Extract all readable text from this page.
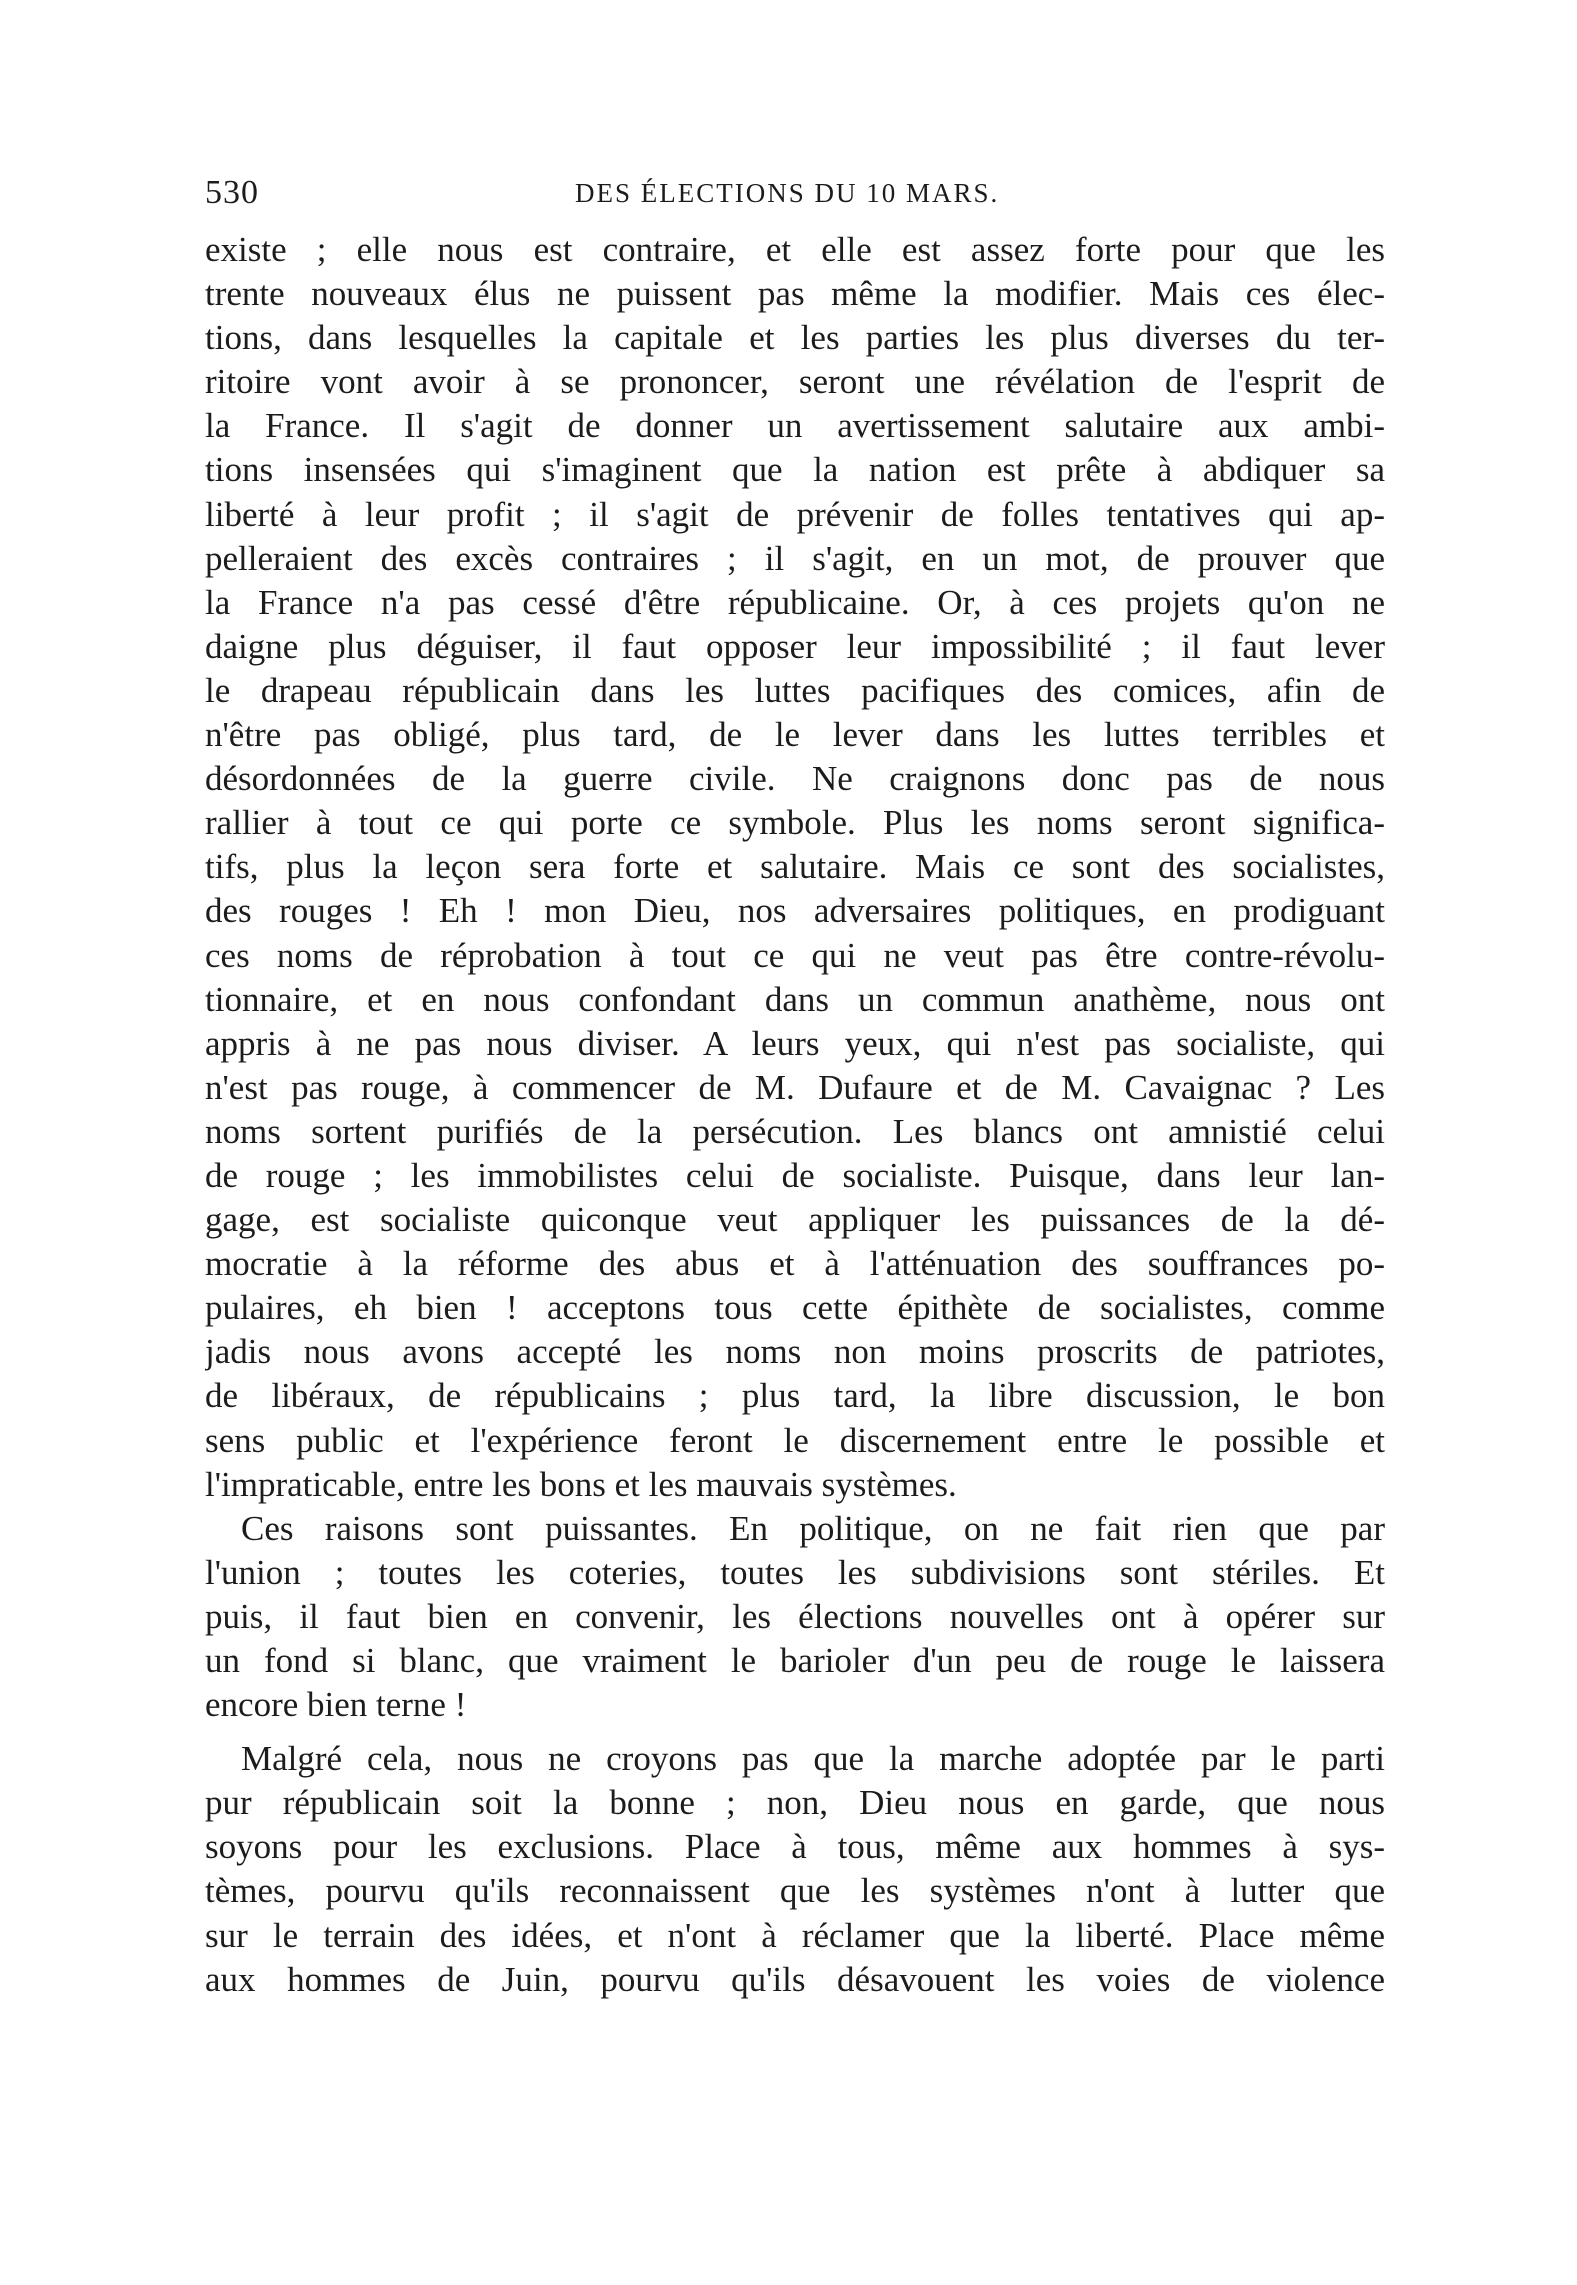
530	DES ÉLECTIONS DU 10 MARS.
existe ; elle nous est contraire, et elle est assez forte pour que les
trente nouveaux élus ne puissent pas même la modifier. Mais ces élec-
tions, dans lesquelles la capitale et les parties les plus diverses du ter-
ritoire vont avoir à se prononcer, seront une révélation de l'esprit de
la France. Il s'agit de donner un avertissement salutaire aux ambi-
tions insensées qui s'imaginent que la nation est prête à abdiquer sa
liberté à leur profit ; il s'agit de prévenir de folles tentatives qui ap-
pelleraient des excès contraires ; il s'agit, en un mot, de prouver que
la France n'a pas cessé d'être républicaine. Or, à ces projets qu'on ne
daigne plus déguiser, il faut opposer leur impossibilité ; il faut lever
le drapeau républicain dans les luttes pacifiques des comices, afin de
n'être pas obligé, plus tard, de le lever dans les luttes terribles et
désordonnées de la guerre civile. Ne craignons donc pas de nous
rallier à tout ce qui porte ce symbole. Plus les noms seront significa-
tifs, plus la leçon sera forte et salutaire. Mais ce sont des socialistes,
des rouges ! Eh ! mon Dieu, nos adversaires politiques, en prodiguant
ces noms de réprobation à tout ce qui ne veut pas être contre-révolu-
tionnaire, et en nous confondant dans un commun anathème, nous ont
appris à ne pas nous diviser. A leurs yeux, qui n'est pas socialiste, qui
n'est pas rouge, à commencer de M. Dufaure et de M. Cavaignac ? Les
noms sortent purifiés de la persécution. Les blancs ont amnistié celui
de rouge ; les immobilistes celui de socialiste. Puisque, dans leur lan-
gage, est socialiste quiconque veut appliquer les puissances de la dé-
mocratie à la réforme des abus et à l'atténuation des souffrances po-
pulaires, eh bien ! acceptons tous cette épithète de socialistes, comme
jadis nous avons accepté les noms non moins proscrits de patriotes,
de libéraux, de républicains ; plus tard, la libre discussion, le bon
sens public et l'expérience feront le discernement entre le possible et
l'impraticable, entre les bons et les mauvais systèmes.
Ces raisons sont puissantes. En politique, on ne fait rien que par
l'union ; toutes les coteries, toutes les subdivisions sont stériles. Et
puis, il faut bien en convenir, les élections nouvelles ont à opérer sur
un fond si blanc, que vraiment le barioler d'un peu de rouge le laissera
encore bien terne !
Malgré cela, nous ne croyons pas que la marche adoptée par le parti
pur républicain soit la bonne ; non, Dieu nous en garde, que nous
soyons pour les exclusions. Place à tous, même aux hommes à sys-
tèmes, pourvu qu'ils reconnaissent que les systèmes n'ont à lutter que
sur le terrain des idées, et n'ont à réclamer que la liberté. Place même
aux hommes de Juin, pourvu qu'ils désavouent les voies de violence
